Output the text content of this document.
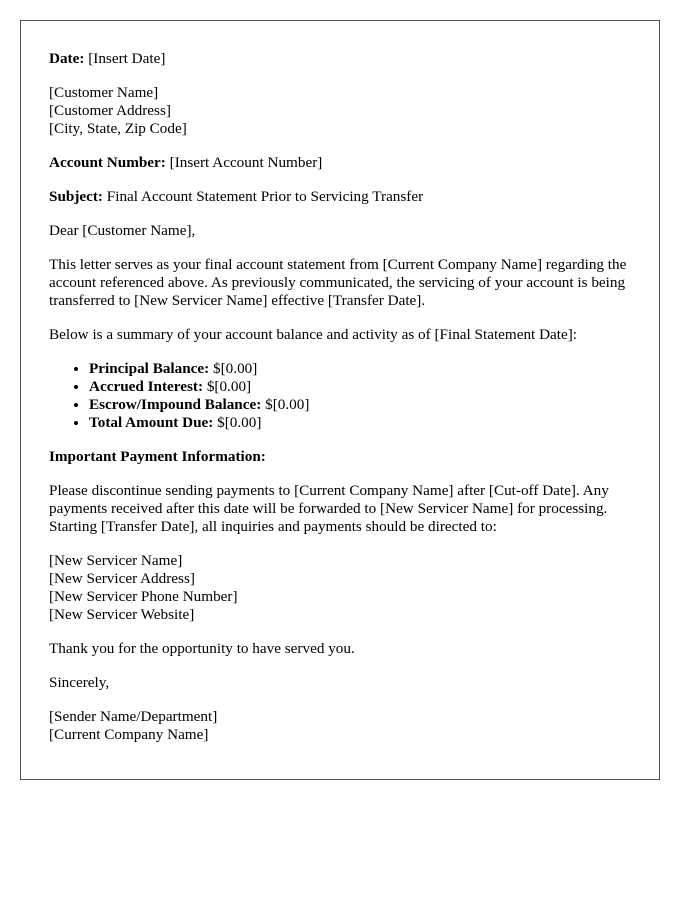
Date: [Insert Date]

[Customer Name]
[Customer Address]
[City, State, Zip Code]

Account Number: [Insert Account Number]

Subject: Final Account Statement Prior to Servicing Transfer

Dear [Customer Name],

This letter serves as your final account statement from [Current Company Name] regarding the account referenced above. As previously communicated, the servicing of your account is being transferred to [New Servicer Name] effective [Transfer Date].

Below is a summary of your account balance and activity as of [Final Statement Date]:

• Principal Balance: $[0.00]
• Accrued Interest: $[0.00]
• Escrow/Impound Balance: $[0.00]
• Total Amount Due: $[0.00]

Important Payment Information:

Please discontinue sending payments to [Current Company Name] after [Cut-off Date]. Any payments received after this date will be forwarded to [New Servicer Name] for processing. Starting [Transfer Date], all inquiries and payments should be directed to:

[New Servicer Name]
[New Servicer Address]
[New Servicer Phone Number]
[New Servicer Website]

Thank you for the opportunity to have served you.

Sincerely,

[Sender Name/Department]
[Current Company Name]
